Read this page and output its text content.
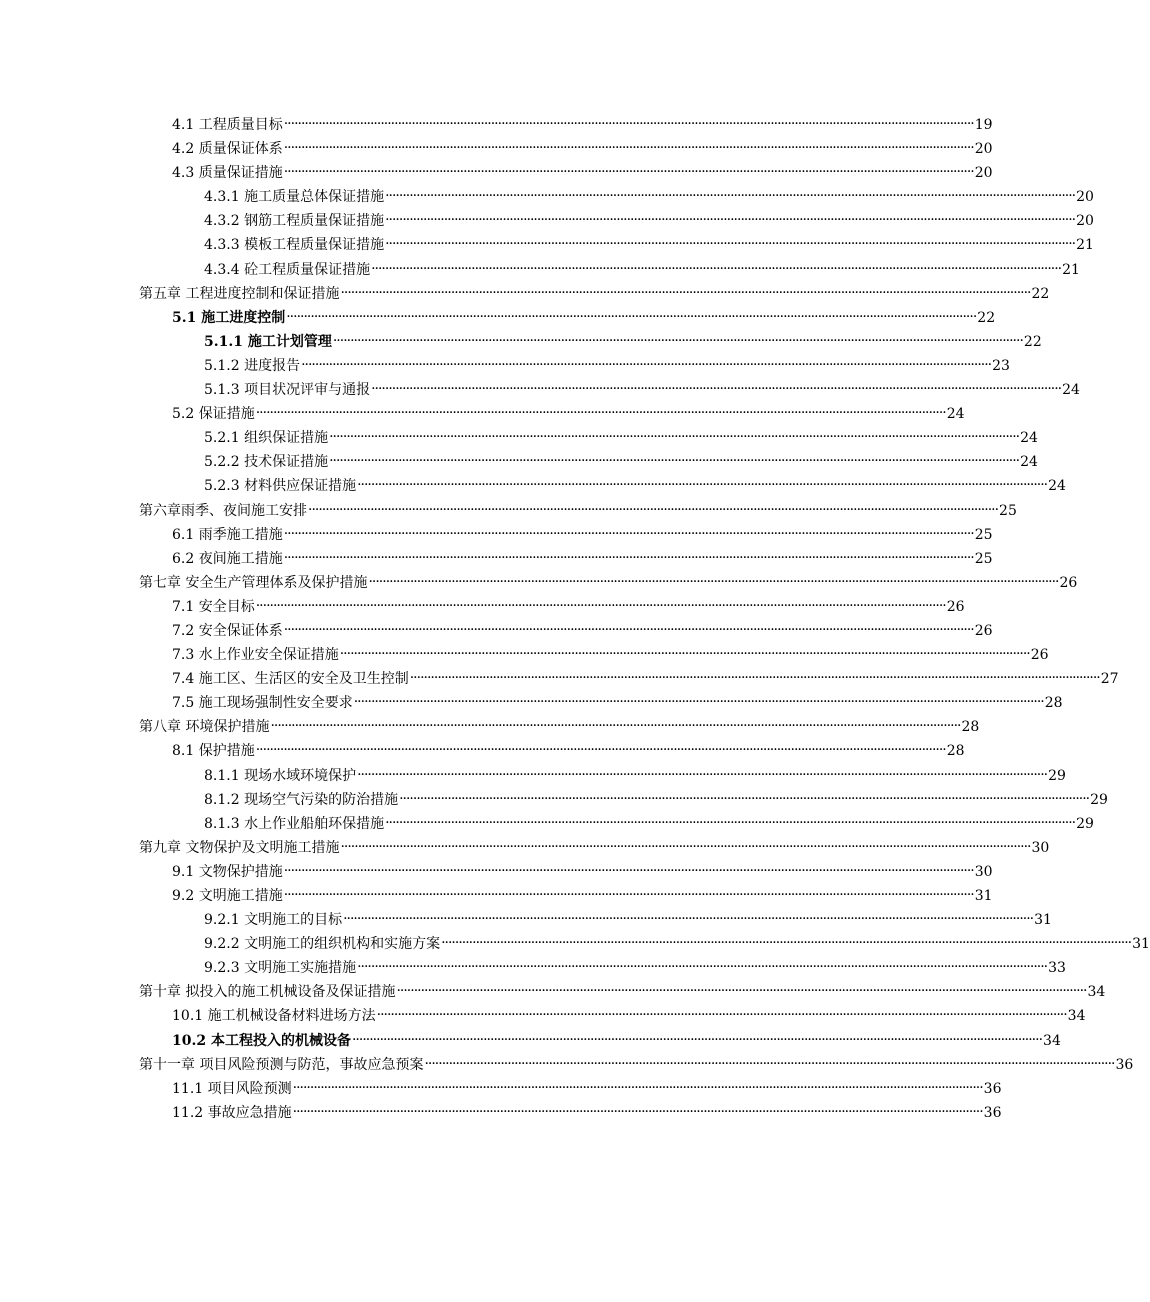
4.1 工程质量目标 ········································································································································································································ 19
4.2 质量保证体系 ········································································································································································································ 20
4.3 质量保证措施 ········································································································································································································ 20
4.3.1 施工质量总体保证措施 ········································································································································································································ 20
4.3.2 钢筋工程质量保证措施 ········································································································································································································ 20
4.3.3 模板工程质量保证措施 ········································································································································································································ 21
4.3.4 砼工程质量保证措施 ········································································································································································································ 21
第五章 工程进度控制和保证措施 ········································································································································································································ 22
5.1 施工进度控制 ········································································································································································································ 22
5.1.1 施工计划管理 ········································································································································································································ 22
5.1.2 进度报告 ········································································································································································································ 23
5.1.3 项目状况评审与通报 ········································································································································································································ 24
5.2 保证措施 ········································································································································································································ 24
5.2.1 组织保证措施 ········································································································································································································ 24
5.2.2 技术保证措施 ········································································································································································································ 24
5.2.3 材料供应保证措施 ········································································································································································································ 24
第六章雨季、夜间施工安排 ········································································································································································································ 25
6.1 雨季施工措施 ········································································································································································································ 25
6.2 夜间施工措施 ········································································································································································································ 25
第七章 安全生产管理体系及保护措施 ········································································································································································································ 26
7.1 安全目标 ········································································································································································································ 26
7.2 安全保证体系 ········································································································································································································ 26
7.3 水上作业安全保证措施 ········································································································································································································ 26
7.4 施工区、生活区的安全及卫生控制 ········································································································································································································ 27
7.5 施工现场强制性安全要求 ········································································································································································································ 28
第八章 环境保护措施 ········································································································································································································ 28
8.1 保护措施 ········································································································································································································ 28
8.1.1 现场水域环境保护 ········································································································································································································ 29
8.1.2 现场空气污染的防治措施 ········································································································································································································ 29
8.1.3 水上作业船舶环保措施 ········································································································································································································ 29
第九章 文物保护及文明施工措施 ········································································································································································································ 30
9.1 文物保护措施 ········································································································································································································ 30
9.2 文明施工措施 ········································································································································································································ 31
9.2.1 文明施工的目标 ········································································································································································································ 31
9.2.2 文明施工的组织机构和实施方案 ········································································································································································································ 31
9.2.3 文明施工实施措施 ········································································································································································································ 33
第十章 拟投入的施工机械设备及保证措施 ········································································································································································································ 34
10.1 施工机械设备材料进场方法 ········································································································································································································ 34
10.2 本工程投入的机械设备 ········································································································································································································ 34
第十一章 项目风险预测与防范，事故应急预案 ········································································································································································································ 36
11.1 项目风险预测 ········································································································································································································ 36
11.2 事故应急措施 ········································································································································································································ 36
